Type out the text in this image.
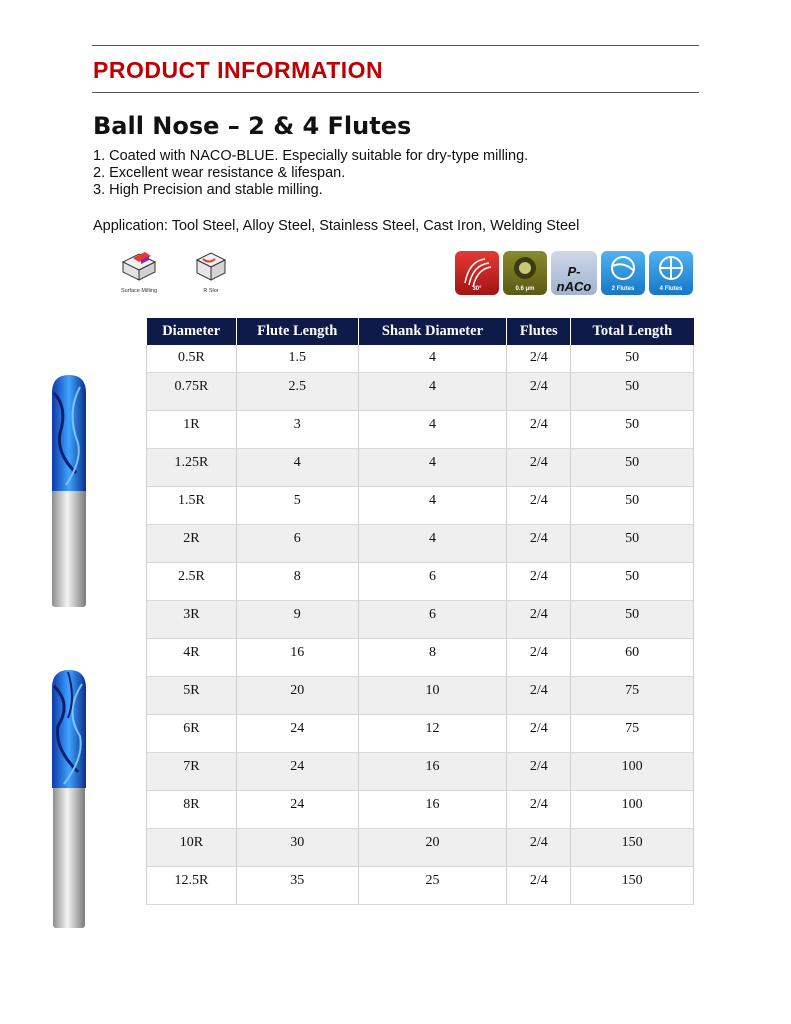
PRODUCT INFORMATION
Ball Nose – 2 & 4 Flutes
1. Coated with NACO-BLUE. Especially suitable for dry-type milling.
2. Excellent wear resistance & lifespan.
3. High Precision and stable milling.
Application: Tool Steel, Alloy Steel, Stainless Steel, Cast Iron, Welding Steel
Surface Milling	R Slor	30°	0.6 μm
P-nACo	2 Flutes	4 Flutes
Diameter	Flute Length	Shank Diameter	Flutes	Total Length
0.5R	1.5	4	2/4	50
0.75R	2.5	4	2/4	50
1R	3	4	2/4	50
1.25R	4	4	2/4	50
1.5R	5	4	2/4	50
2R	6	4	2/4	50
2.5R	8	6	2/4	50
3R	9	6	2/4	50
4R	16	8	2/4	60
5R	20	10	2/4	75
6R	24	12	2/4	75
7R	24	16	2/4	100
8R	24	16	2/4	100
10R	30	20	2/4	150
12.5R	35	25	2/4	150
